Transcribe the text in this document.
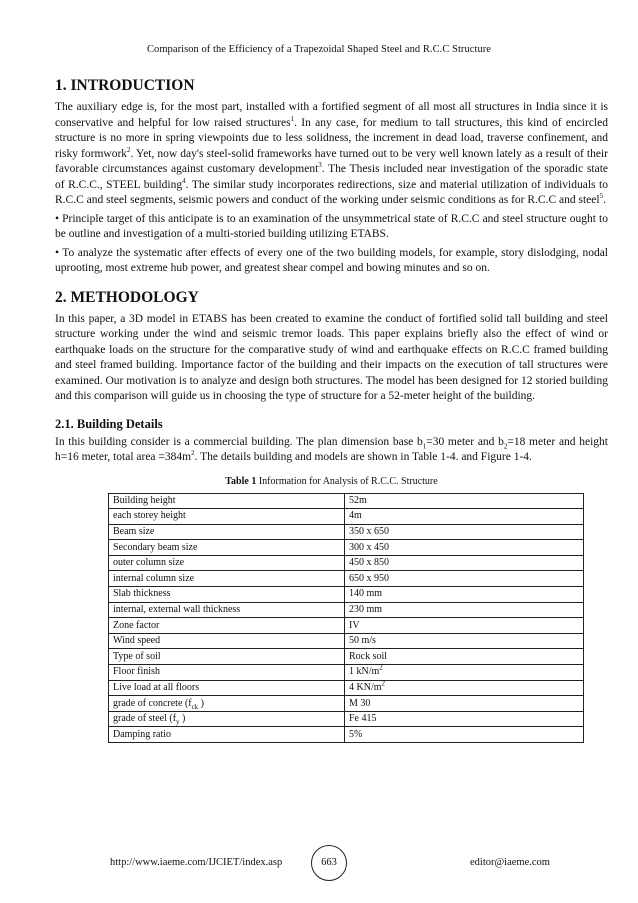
Comparison of the Efficiency of a Trapezoidal Shaped Steel and R.C.C Structure
1. INTRODUCTION

The auxiliary edge is, for the most part, installed with a fortified segment of all most all structures in India since it is conservative and helpful for low raised structures$^1$. In any case, for medium to tall structures, this kind of encircled structure is no more in spring viewpoints due to less solidness, the increment in dead load, traverse confinement, and risky formwork$^2$. Yet, now day's steel-solid frameworks have turned out to be very well known lately as a result of their favorable circumstances against customary development$^3$. The Thesis included near investigation of the sporadic state of R.C.C., STEEL building$^4$. The similar study incorporates redirections, size and material utilization of individuals to R.C.C and steel segments, seismic powers and conduct of the working under seismic conditions as for R.C.C and steel$^5$.

• Principle target of this anticipate is to an examination of the unsymmetrical state of R.C.C and steel structure ought to be outline and investigation of a multi-storied building utilizing ETABS.

• To analyze the systematic after effects of every one of the two building models, for example, story dislodging, nodal uprooting, most extreme hub power, and greatest shear compel and bowing minutes and so on.

2. METHODOLOGY

In this paper, a 3D model in ETABS has been created to examine the conduct of fortified solid tall building and steel structure working under the wind and seismic tremor loads. This paper explains briefly also the effect of wind or earthquake loads on the structure for the comparative study of wind and earthquake effects on R.C.C framed building and steel framed building. Importance factor of the building and their impacts on the execution of tall structures were examined. Our motivation is to analyze and design both structures. The model has been designed for 12 storied building and this comparison will guide us in choosing the type of structure for a 52-meter height of the building.

2.1. Building Details

In this building consider is a commercial building. The plan dimension base $b_1=30$ meter and $b_2=18$ meter and height h=16 meter, total area $=384m^2$. The details building and models are shown in Table 1-4. and Figure 1-4.

Table 1 Information for Analysis of R.C.C. Structure
Building height	52m
each storey height	4m
Beam size	350 x 650
Secondary beam size	300 x 450
outer column size	450 x 850
internal column size	650 x 950
Slab thickness	140 mm
internal, external wall thickness	230 mm
Zone factor	IV
Wind speed	50 m/s
Type of soil	Rock soil
Floor finish	1 $kN/m^2$
Live load at all floors	4 $KN/m^2$
grade of concrete ($f_{ck}$ )	M 30
grade of steel ($f_y$ )	Fe 415
Damping ratio	5%
http://www.iaeme.com/IJCIET/index.asp	663	editor@iaeme.com
